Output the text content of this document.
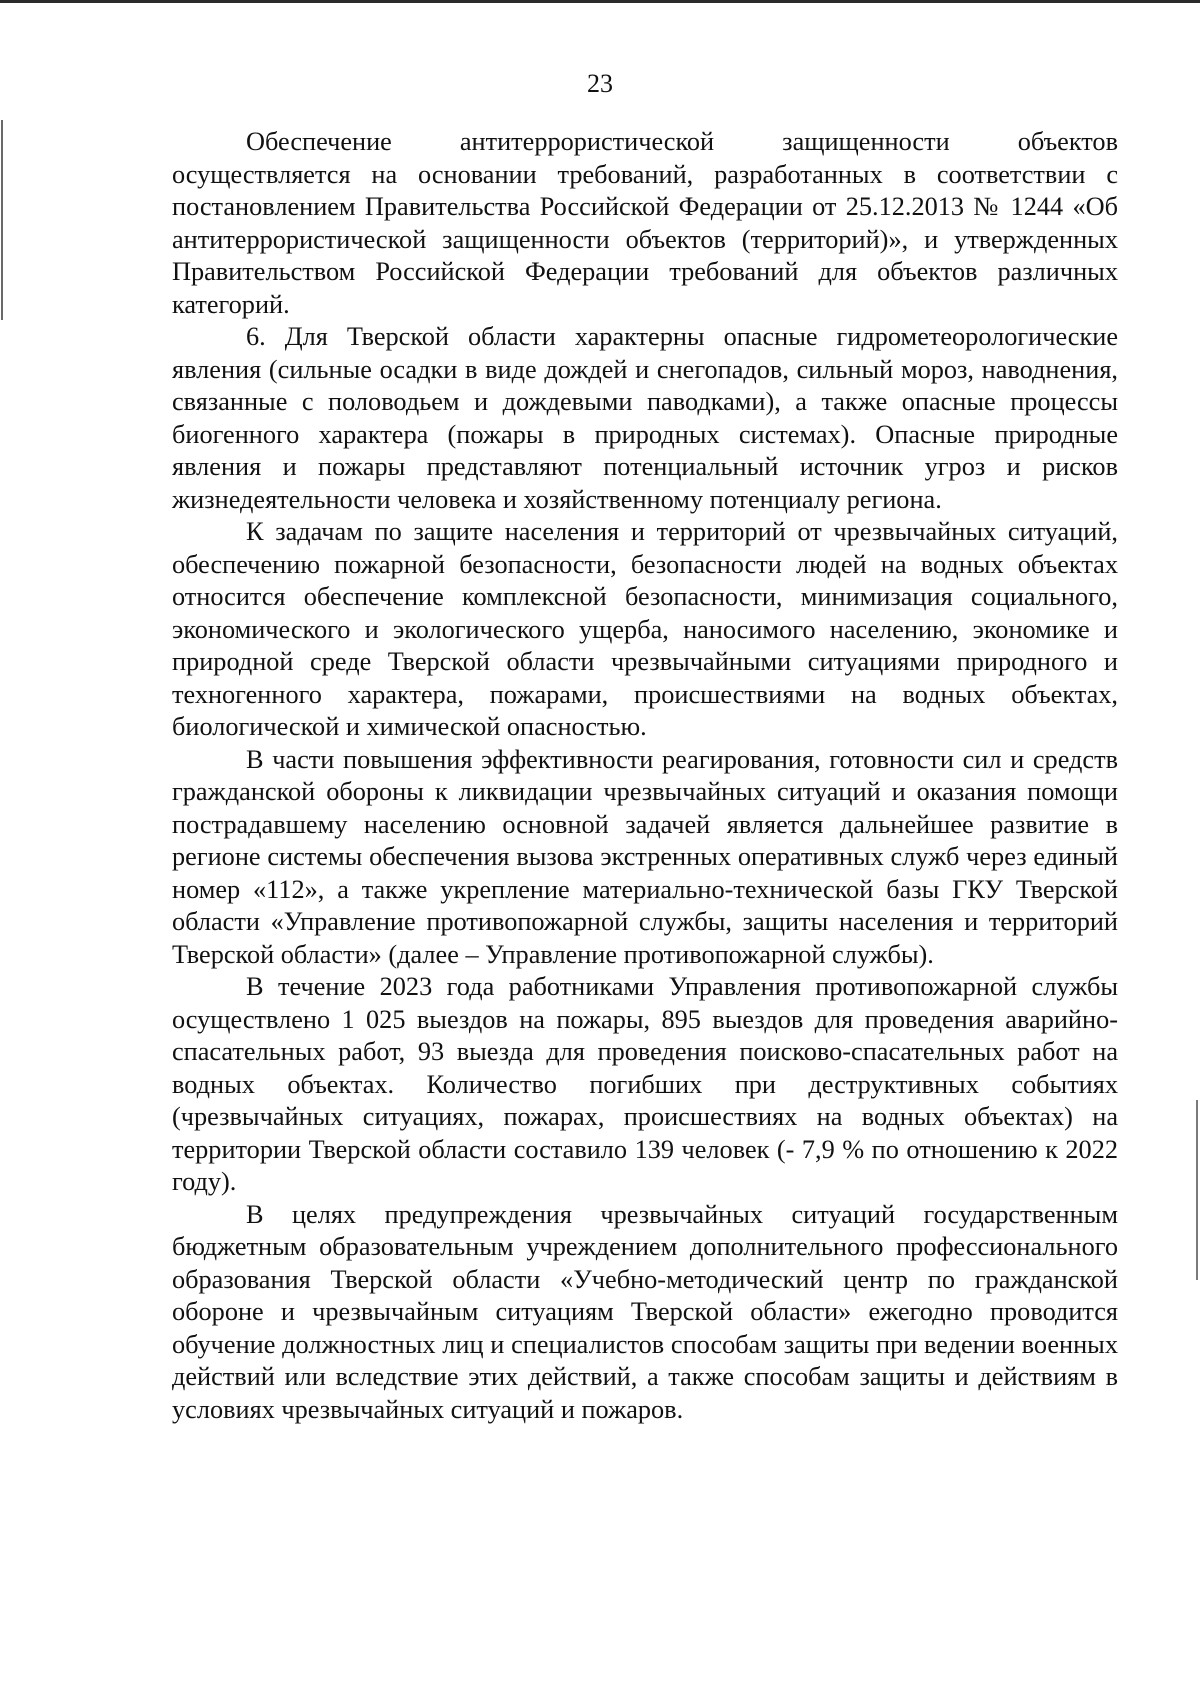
23

Обеспечение антитеррористической защищенности объектов осуществляется на основании требований, разработанных в соответствии с постановлением Правительства Российской Федерации от 25.12.2013 № 1244 «Об антитеррористической защищенности объектов (территорий)», и утвержденных Правительством Российской Федерации требований для объектов различных категорий.

6. Для Тверской области характерны опасные гидрометеорологические явления (сильные осадки в виде дождей и снегопадов, сильный мороз, наводнения, связанные с половодьем и дождевыми паводками), а также опасные процессы биогенного характера (пожары в природных системах). Опасные природные явления и пожары представляют потенциальный источник угроз и рисков жизнедеятельности человека и хозяйственному потенциалу региона.

К задачам по защите населения и территорий от чрезвычайных ситуаций, обеспечению пожарной безопасности, безопасности людей на водных объектах относится обеспечение комплексной безопасности, минимизация социального, экономического и экологического ущерба, наносимого населению, экономике и природной среде Тверской области чрезвычайными ситуациями природного и техногенного характера, пожарами, происшествиями на водных объектах, биологической и химической опасностью.

В части повышения эффективности реагирования, готовности сил и средств гражданской обороны к ликвидации чрезвычайных ситуаций и оказания помощи пострадавшему населению основной задачей является дальнейшее развитие в регионе системы обеспечения вызова экстренных оперативных служб через единый номер «112», а также укрепление материально-технической базы ГКУ Тверской области «Управление противопожарной службы, защиты населения и территорий Тверской области» (далее – Управление противопожарной службы).

В течение 2023 года работниками Управления противопожарной службы осуществлено 1 025 выездов на пожары, 895 выездов для проведения аварийно-спасательных работ, 93 выезда для проведения поисково-спасательных работ на водных объектах. Количество погибших при деструктивных событиях (чрезвычайных ситуациях, пожарах, происшествиях на водных объектах) на территории Тверской области составило 139 человек (- 7,9 % по отношению к 2022 году).

В целях предупреждения чрезвычайных ситуаций государственным бюджетным образовательным учреждением дополнительного профессионального образования Тверской области «Учебно-методический центр по гражданской обороне и чрезвычайным ситуациям Тверской области» ежегодно проводится обучение должностных лиц и специалистов способам защиты при ведении военных действий или вследствие этих действий, а также способам защиты и действиям в условиях чрезвычайных ситуаций и пожаров.
